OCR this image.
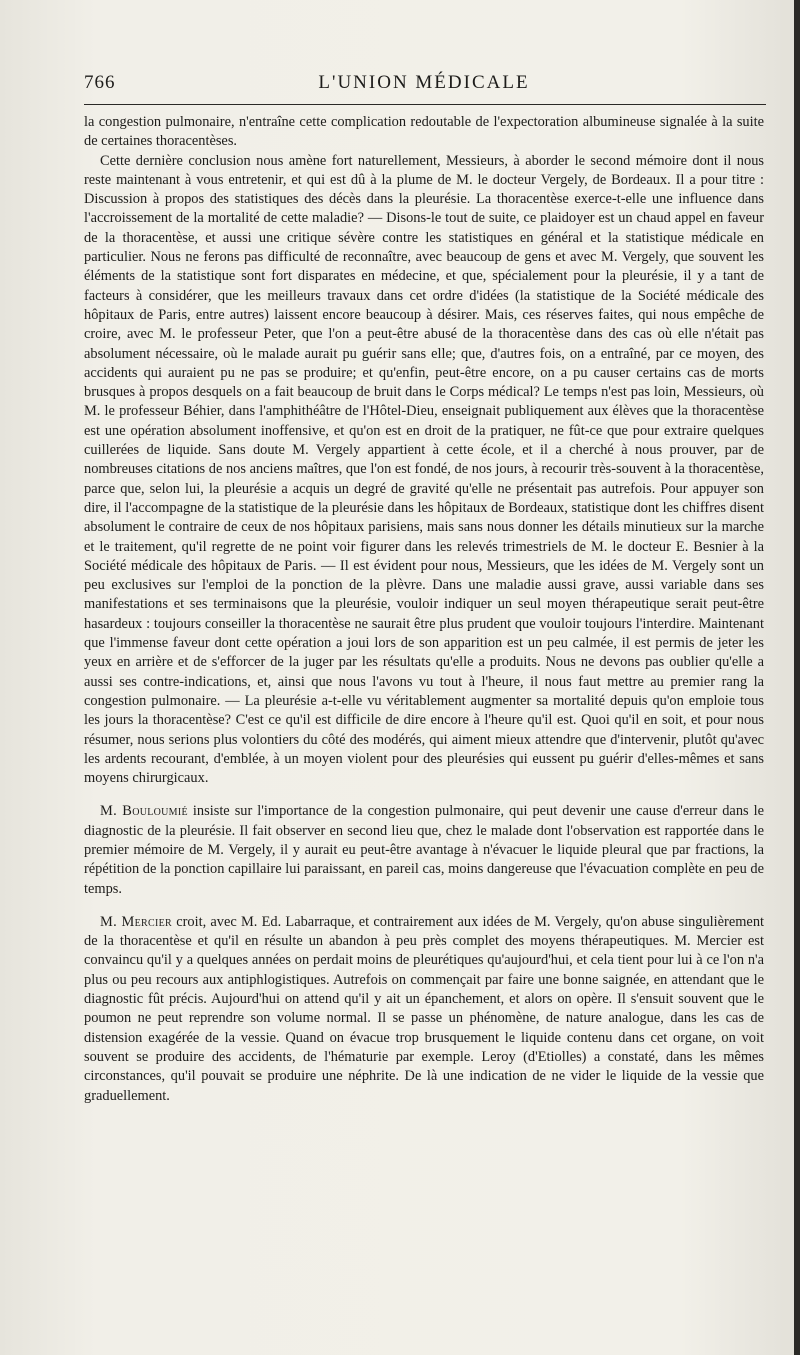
766	L'UNION MÉDICALE

la congestion pulmonaire, n'entraîne cette complication redoutable de l'expectoration albumineuse signalée à la suite de certaines thoracentèses.

Cette dernière conclusion nous amène fort naturellement, Messieurs, à aborder le second mémoire dont il nous reste maintenant à vous entretenir, et qui est dû à la plume de M. le docteur Vergely, de Bordeaux. Il a pour titre : Discussion à propos des statistiques des décès dans la pleurésie. La thoracentèse exerce-t-elle une influence dans l'accroissement de la mortalité de cette maladie? — Disons-le tout de suite, ce plaidoyer est un chaud appel en faveur de la thoracentèse, et aussi une critique sévère contre les statistiques en général et la statistique médicale en particulier. Nous ne ferons pas difficulté de reconnaître, avec beaucoup de gens et avec M. Vergely, que souvent les éléments de la statistique sont fort disparates en médecine, et que, spécialement pour la pleurésie, il y a tant de facteurs à considérer, que les meilleurs travaux dans cet ordre d'idées (la statistique de la Société médicale des hôpitaux de Paris, entre autres) laissent encore beaucoup à désirer. Mais, ces réserves faites, qui nous empêche de croire, avec M. le professeur Peter, que l'on a peut-être abusé de la thoracentèse dans des cas où elle n'était pas absolument nécessaire, où le malade aurait pu guérir sans elle; que, d'autres fois, on a entraîné, par ce moyen, des accidents qui auraient pu ne pas se produire; et qu'enfin, peut-être encore, on a pu causer certains cas de morts brusques à propos desquels on a fait beaucoup de bruit dans le Corps médical? Le temps n'est pas loin, Messieurs, où M. le professeur Béhier, dans l'amphithéâtre de l'Hôtel-Dieu, enseignait publiquement aux élèves que la thoracentèse est une opération absolument inoffensive, et qu'on est en droit de la pratiquer, ne fût-ce que pour extraire quelques cuillerées de liquide. Sans doute M. Vergely appartient à cette école, et il a cherché à nous prouver, par de nombreuses citations de nos anciens maîtres, que l'on est fondé, de nos jours, à recourir très-souvent à la thoracentèse, parce que, selon lui, la pleurésie a acquis un degré de gravité qu'elle ne présentait pas autrefois. Pour appuyer son dire, il l'accompagne de la statistique de la pleurésie dans les hôpitaux de Bordeaux, statistique dont les chiffres disent absolument le contraire de ceux de nos hôpitaux parisiens, mais sans nous donner les détails minutieux sur la marche et le traitement, qu'il regrette de ne point voir figurer dans les relevés trimestriels de M. le docteur E. Besnier à la Société médicale des hôpitaux de Paris. — Il est évident pour nous, Messieurs, que les idées de M. Vergely sont un peu exclusives sur l'emploi de la ponction de la plèvre. Dans une maladie aussi grave, aussi variable dans ses manifestations et ses terminaisons que la pleurésie, vouloir indiquer un seul moyen thérapeutique serait peut-être hasardeux : toujours conseiller la thoracentèse ne saurait être plus prudent que vouloir toujours l'interdire. Maintenant que l'immense faveur dont cette opération a joui lors de son apparition est un peu calmée, il est permis de jeter les yeux en arrière et de s'efforcer de la juger par les résultats qu'elle a produits. Nous ne devons pas oublier qu'elle a aussi ses contre-indications, et, ainsi que nous l'avons vu tout à l'heure, il nous faut mettre au premier rang la congestion pulmonaire. — La pleurésie a-t-elle vu véritablement augmenter sa mortalité depuis qu'on emploie tous les jours la thoracentèse? C'est ce qu'il est difficile de dire encore à l'heure qu'il est. Quoi qu'il en soit, et pour nous résumer, nous serions plus volontiers du côté des modérés, qui aiment mieux attendre que d'intervenir, plutôt qu'avec les ardents recourant, d'emblée, à un moyen violent pour des pleurésies qui eussent pu guérir d'elles-mêmes et sans moyens chirurgicaux.

M. Bouloumié insiste sur l'importance de la congestion pulmonaire, qui peut devenir une cause d'erreur dans le diagnostic de la pleurésie. Il fait observer en second lieu que, chez le malade dont l'observation est rapportée dans le premier mémoire de M. Vergely, il y aurait eu peut-être avantage à n'évacuer le liquide pleural que par fractions, la répétition de la ponction capillaire lui paraissant, en pareil cas, moins dangereuse que l'évacuation complète en peu de temps.

M. Mercier croit, avec M. Ed. Labarraque, et contrairement aux idées de M. Vergely, qu'on abuse singulièrement de la thoracentèse et qu'il en résulte un abandon à peu près complet des moyens thérapeutiques. M. Mercier est convaincu qu'il y a quelques années on perdait moins de pleurétiques qu'aujourd'hui, et cela tient pour lui à ce l'on n'a plus ou peu recours aux antiphlogistiques. Autrefois on commençait par faire une bonne saignée, en attendant que le diagnostic fût précis. Aujourd'hui on attend qu'il y ait un épanchement, et alors on opère. Il s'ensuit souvent que le poumon ne peut reprendre son volume normal. Il se passe un phénomène, de nature analogue, dans les cas de distension exagérée de la vessie. Quand on évacue trop brusquement le liquide contenu dans cet organe, on voit souvent se produire des accidents, de l'hématurie par exemple. Leroy (d'Etiolles) a constaté, dans les mêmes circonstances, qu'il pouvait se produire une néphrite. De là une indication de ne vider le liquide de la vessie que graduellement.
